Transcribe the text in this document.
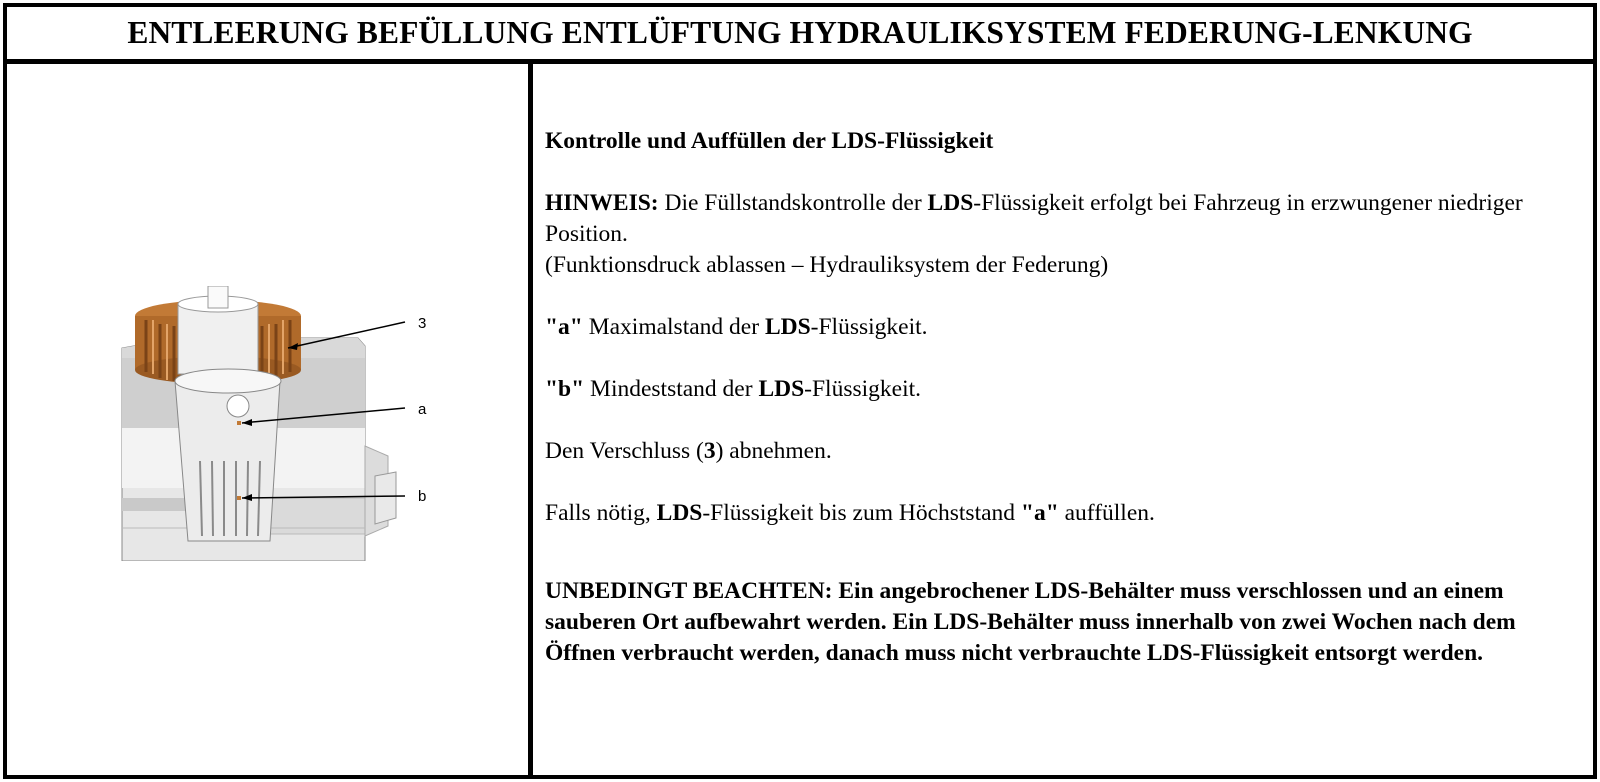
ENTLEERUNG BEFÜLLUNG ENTLÜFTUNG HYDRAULIKSYSTEM FEDERUNG-LENKUNG
3
a
b

Kontrolle und Auffüllen der LDS-Flüssigkeit

HINWEIS: Die Füllstandskontrolle der LDS-Flüssigkeit erfolgt bei Fahrzeug in erzwungener niedriger Position.

(Funktionsdruck ablassen – Hydrauliksystem der Federung)

"a" Maximalstand der LDS-Flüssigkeit.

"b" Mindeststand der LDS-Flüssigkeit.

Den Verschluss (3) abnehmen.

Falls nötig, LDS-Flüssigkeit bis zum Höchststand "a" auffüllen.

UNBEDINGT BEACHTEN: Ein angebrochener LDS-Behälter muss verschlossen und an einem sauberen Ort aufbewahrt werden. Ein LDS-Behälter muss innerhalb von zwei Wochen nach dem Öffnen verbraucht werden, danach muss nicht verbrauchte LDS-Flüssigkeit entsorgt werden.
